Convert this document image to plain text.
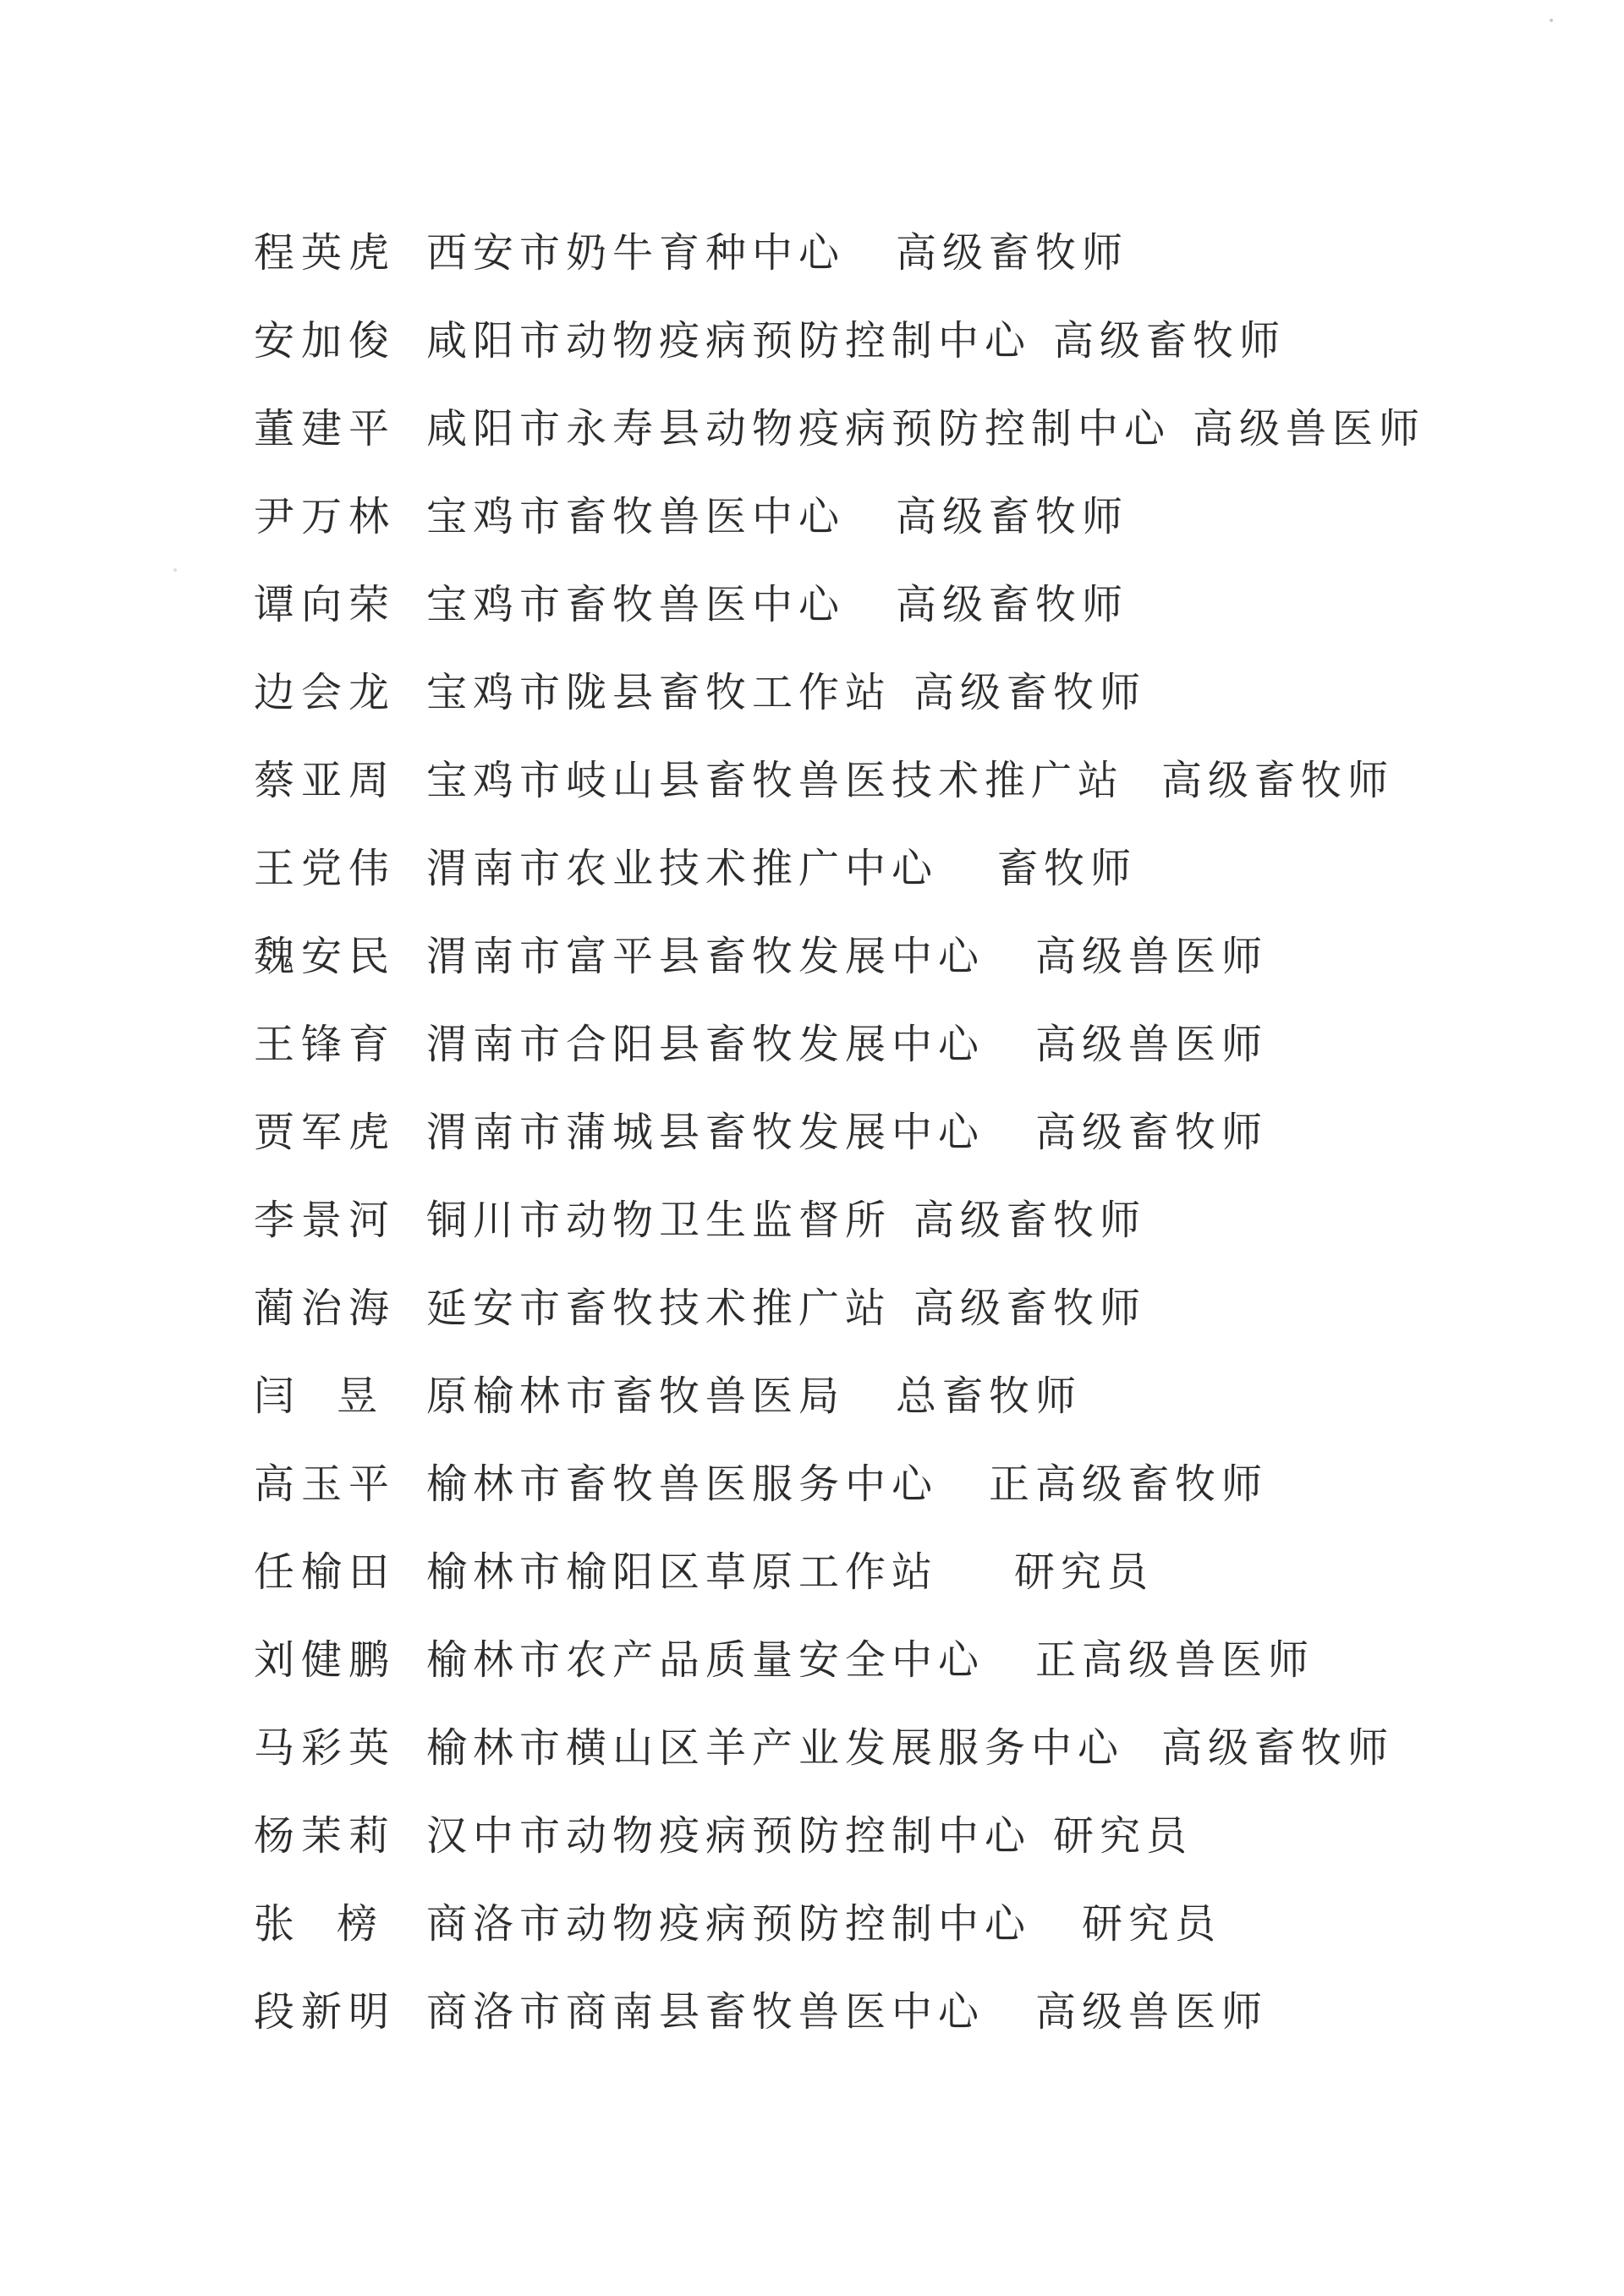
程英虎 西安市奶牛育种中心 高级畜牧师
安加俊 咸阳市动物疫病预防控制中心 高级畜牧师
董建平 咸阳市永寿县动物疫病预防控制中心 高级兽医师
尹万林 宝鸡市畜牧兽医中心 高级畜牧师
谭向荣 宝鸡市畜牧兽医中心 高级畜牧师
边会龙 宝鸡市陇县畜牧工作站 高级畜牧师
蔡亚周 宝鸡市岐山县畜牧兽医技术推广站 高级畜牧师
王党伟 渭南市农业技术推广中心 畜牧师
魏安民 渭南市富平县畜牧发展中心 高级兽医师
王锋育 渭南市合阳县畜牧发展中心 高级兽医师
贾军虎 渭南市蒲城县畜牧发展中心 高级畜牧师
李景河 铜川市动物卫生监督所 高级畜牧师
蔺治海 延安市畜牧技术推广站 高级畜牧师
闫昱 原榆林市畜牧兽医局 总畜牧师
高玉平 榆林市畜牧兽医服务中心 正高级畜牧师
任榆田 榆林市榆阳区草原工作站 研究员
刘健鹏 榆林市农产品质量安全中心 正高级兽医师
马彩英 榆林市横山区羊产业发展服务中心 高级畜牧师
杨茉莉 汉中市动物疫病预防控制中心 研究员
张榜 商洛市动物疫病预防控制中心 研究员
段新明 商洛市商南县畜牧兽医中心 高级兽医师
